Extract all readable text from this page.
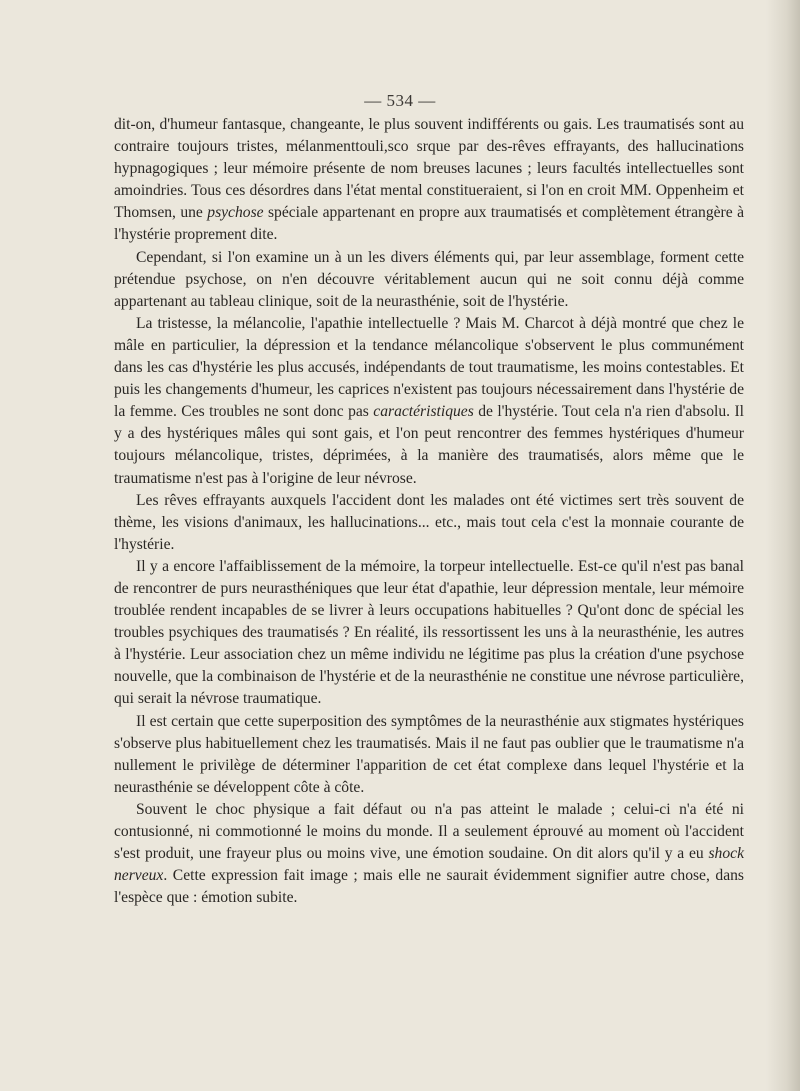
— 534 —

dit-on, d'humeur fantasque, changeante, le plus souvent indifférents ou gais. Les traumatisés sont au contraire toujours tristes, mélanmenttouli,sco srque par des-rêves effrayants, des hallucinations hypnagogiques ; leur mémoire présente de nom breuses lacunes ; leurs facultés intellectuelles sont amoindries. Tous ces désordres dans l'état mental constitueraient, si l'on en croit MM. Oppenheim et Thomsen, une psychose spéciale appartenant en propre aux traumatisés et complètement étrangère à l'hystérie proprement dite.

Cependant, si l'on examine un à un les divers éléments qui, par leur assemblage, forment cette prétendue psychose, on n'en découvre véritablement aucun qui ne soit connu déjà comme appartenant au tableau clinique, soit de la neurasthénie, soit de l'hystérie.

La tristesse, la mélancolie, l'apathie intellectuelle ? Mais M. Charcot à déjà montré que chez le mâle en particulier, la dépression et la tendance mélancolique s'observent le plus communément dans les cas d'hystérie les plus accusés, indépendants de tout traumatisme, les moins contestables. Et puis les changements d'humeur, les caprices n'existent pas toujours nécessairement dans l'hystérie de la femme. Ces troubles ne sont donc pas caractéristiques de l'hystérie. Tout cela n'a rien d'absolu. Il y a des hystériques mâles qui sont gais, et l'on peut rencontrer des femmes hystériques d'humeur toujours mélancolique, tristes, déprimées, à la manière des traumatisés, alors même que le traumatisme n'est pas à l'origine de leur névrose.

Les rêves effrayants auxquels l'accident dont les malades ont été victimes sert très souvent de thème, les visions d'animaux, les hallucinations... etc., mais tout cela c'est la monnaie courante de l'hystérie.

Il y a encore l'affaiblissement de la mémoire, la torpeur intellectuelle. Est-ce qu'il n'est pas banal de rencontrer de purs neurasthéniques que leur état d'apathie, leur dépression mentale, leur mémoire troublée rendent incapables de se livrer à leurs occupations habituelles ? Qu'ont donc de spécial les troubles psychiques des traumatisés ? En réalité, ils ressortissent les uns à la neurasthénie, les autres à l'hystérie. Leur association chez un même individu ne légitime pas plus la création d'une psychose nouvelle, que la combinaison de l'hystérie et de la neurasthénie ne constitue une névrose particulière, qui serait la névrose traumatique.

Il est certain que cette superposition des symptômes de la neurasthénie aux stigmates hystériques s'observe plus habituellement chez les traumatisés. Mais il ne faut pas oublier que le traumatisme n'a nullement le privilège de déterminer l'apparition de cet état complexe dans lequel l'hystérie et la neurasthénie se développent côte à côte.

Souvent le choc physique a fait défaut ou n'a pas atteint le malade ; celui-ci n'a été ni contusionné, ni commotionné le moins du monde. Il a seulement éprouvé au moment où l'accident s'est produit, une frayeur plus ou moins vive, une émotion soudaine. On dit alors qu'il y a eu shock nerveux. Cette expression fait image ; mais elle ne saurait évidemment signifier autre chose, dans l'espèce que : émotion subite.
